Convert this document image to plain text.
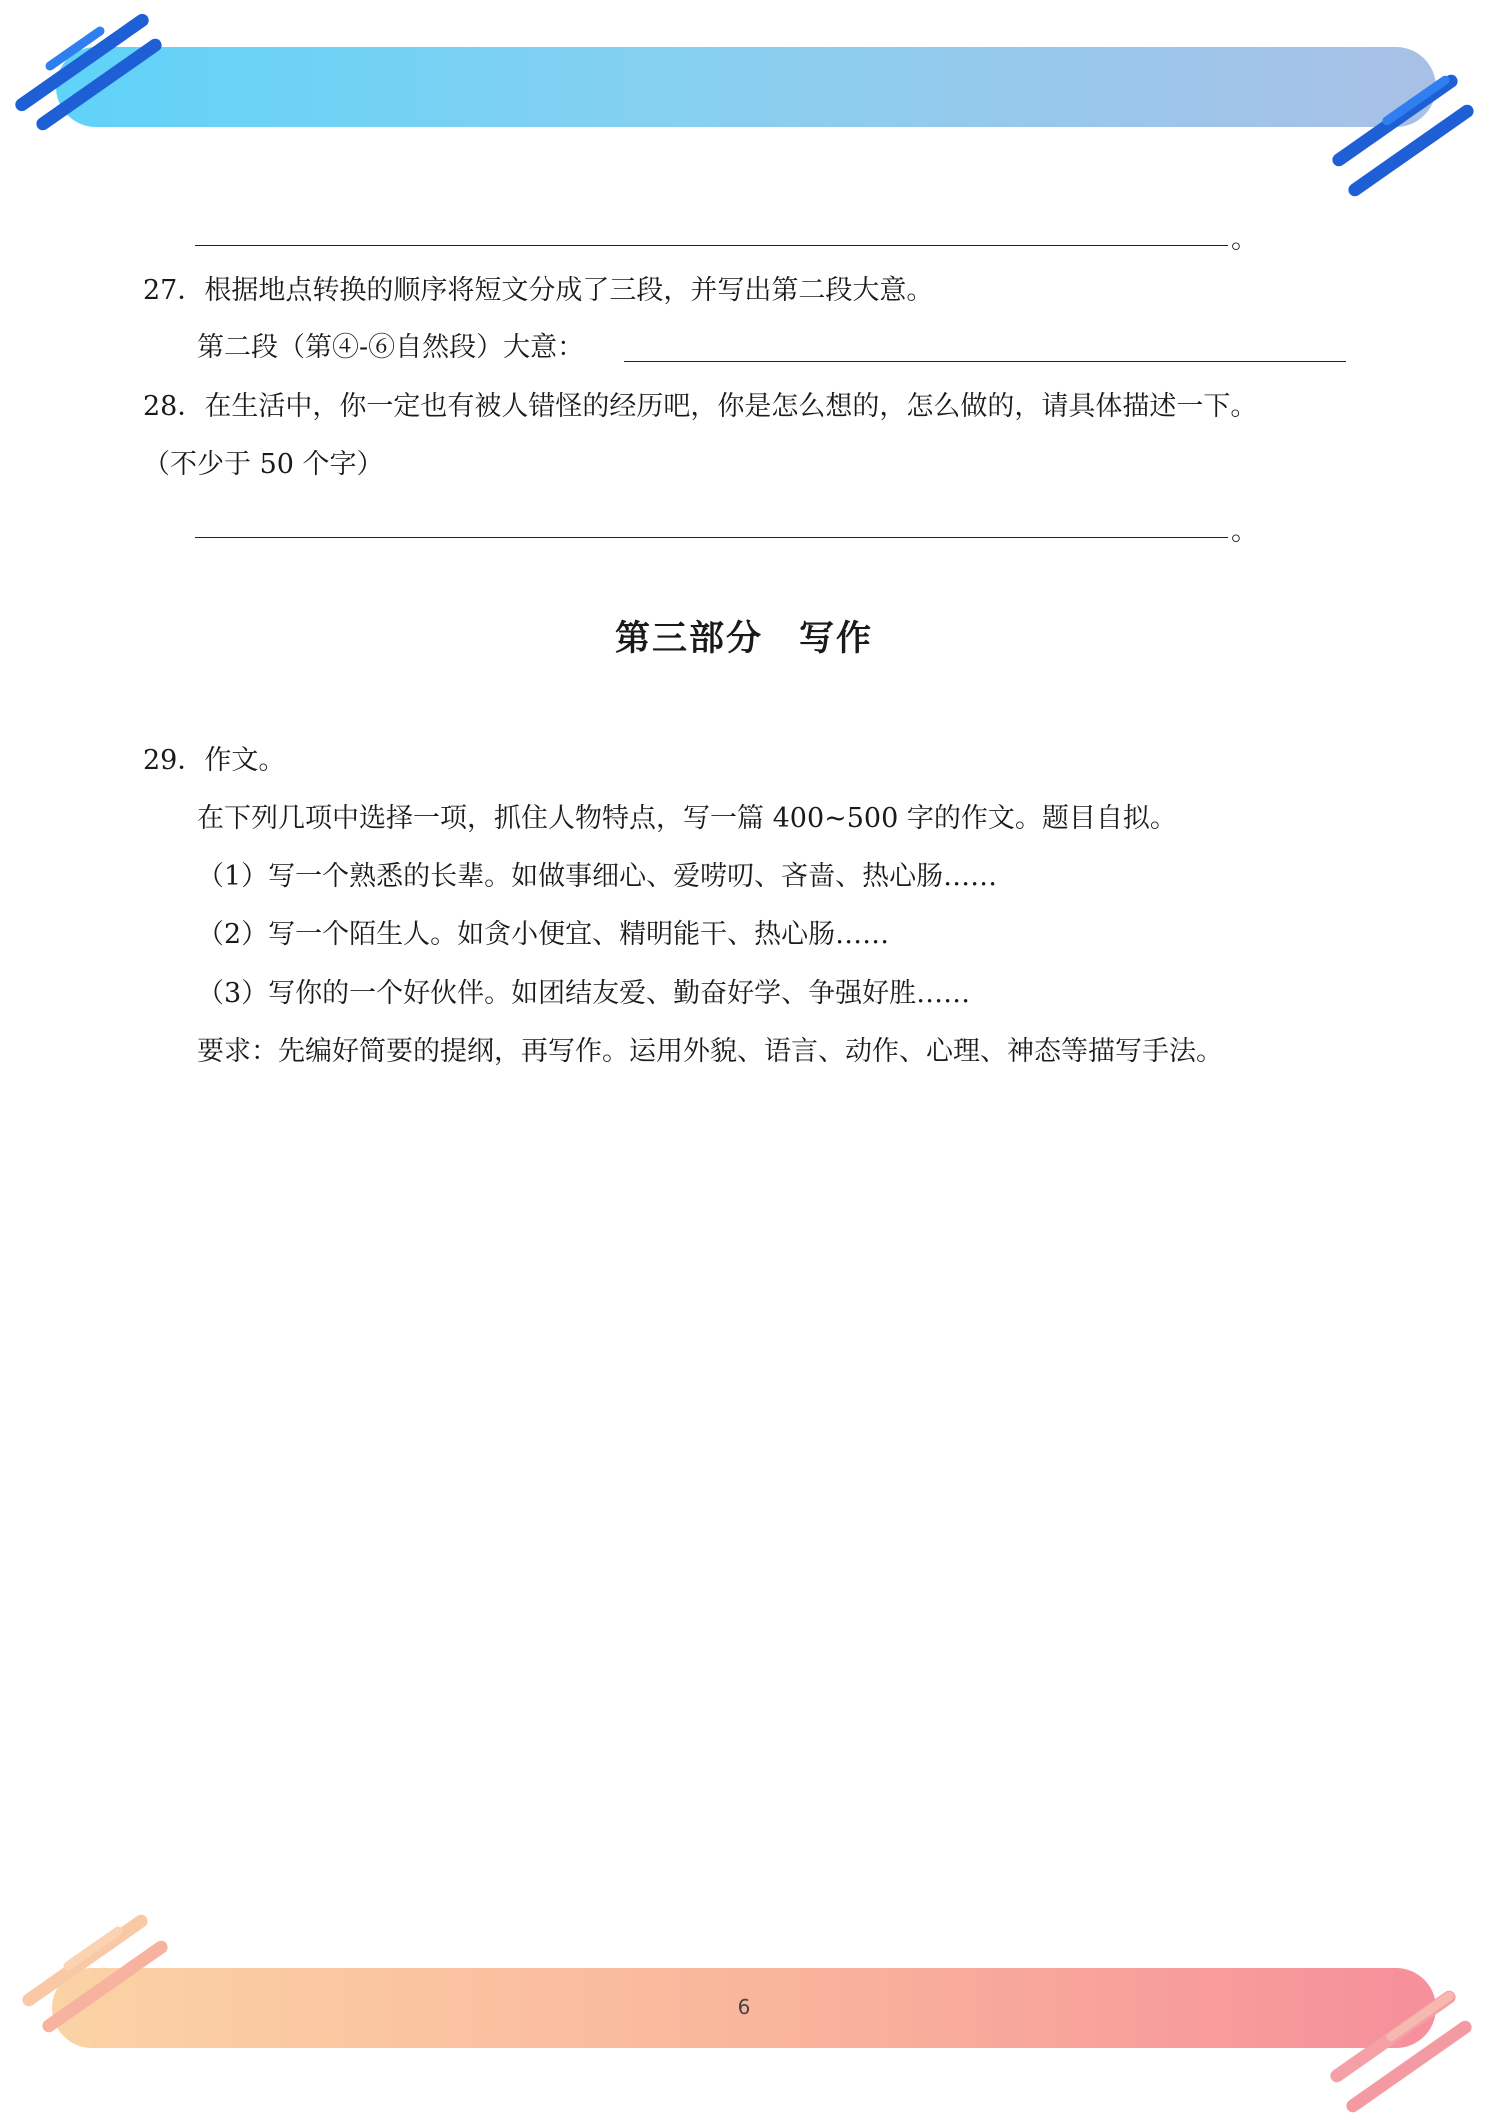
。
27．根据地点转换的顺序将短文分成了三段，并写出第二段大意。
第二段（第④-⑥自然段）大意：
28．在生活中，你一定也有被人错怪的经历吧，你是怎么想的，怎么做的，请具体描述一下。
（不少于 50 个字）
。
第三部分 写作
29．作文。
在下列几项中选择一项，抓住人物特点，写一篇 400~500 字的作文。题目自拟。
（1）写一个熟悉的长辈。如做事细心、爱唠叨、吝啬、热心肠……
（2）写一个陌生人。如贪小便宜、精明能干、热心肠……
（3）写你的一个好伙伴。如团结友爱、勤奋好学、争强好胜……
要求：先编好简要的提纲，再写作。运用外貌、语言、动作、心理、神态等描写手法。
6
